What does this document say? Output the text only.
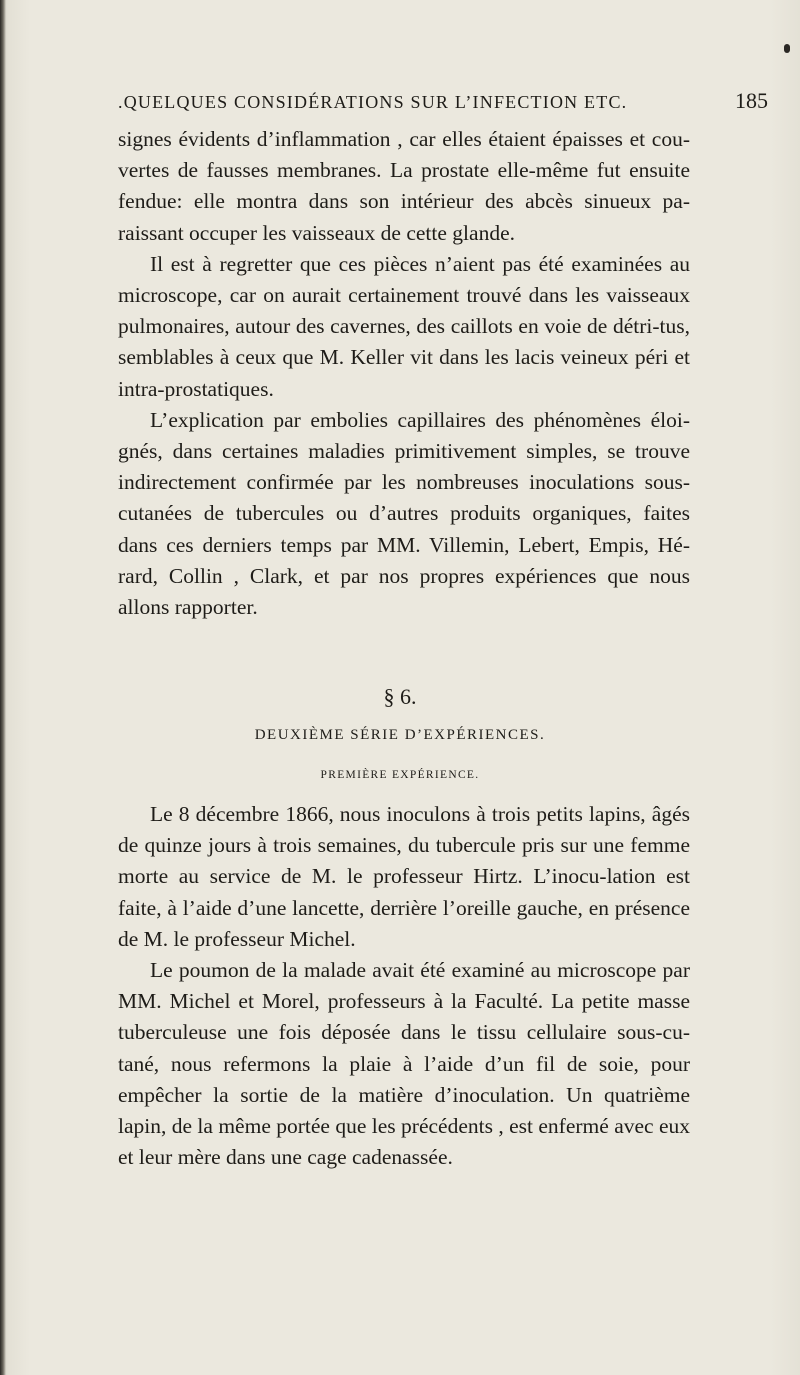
.QUELQUES CONSIDÉRATIONS SUR L’INFECTION ETC.	185

signes évidents d’inflammation , car elles étaient épaisses et cou-vertes de fausses membranes. La prostate elle-même fut ensuite fendue: elle montra dans son intérieur des abcès sinueux pa-raissant occuper les vaisseaux de cette glande.

Il est à regretter que ces pièces n’aient pas été examinées au microscope, car on aurait certainement trouvé dans les vaisseaux pulmonaires, autour des cavernes, des caillots en voie de détri-tus, semblables à ceux que M. Keller vit dans les lacis veineux péri et intra-prostatiques.

L’explication par embolies capillaires des phénomènes éloi-gnés, dans certaines maladies primitivement simples, se trouve indirectement confirmée par les nombreuses inoculations sous-cutanées de tubercules ou d’autres produits organiques, faites dans ces derniers temps par MM. Villemin, Lebert, Empis, Hé-rard, Collin , Clark, et par nos propres expériences que nous allons rapporter.

§ 6.
DEUXIÈME SÉRIE D’EXPÉRIENCES.
PREMIÈRE EXPÉRIENCE.

Le 8 décembre 1866, nous inoculons à trois petits lapins, âgés de quinze jours à trois semaines, du tubercule pris sur une femme morte au service de M. le professeur Hirtz. L’inocu-lation est faite, à l’aide d’une lancette, derrière l’oreille gauche, en présence de M. le professeur Michel.

Le poumon de la malade avait été examiné au microscope par MM. Michel et Morel, professeurs à la Faculté. La petite masse tuberculeuse une fois déposée dans le tissu cellulaire sous-cu-tané, nous refermons la plaie à l’aide d’un fil de soie, pour empêcher la sortie de la matière d’inoculation. Un quatrième lapin, de la même portée que les précédents , est enfermé avec eux et leur mère dans une cage cadenassée.
